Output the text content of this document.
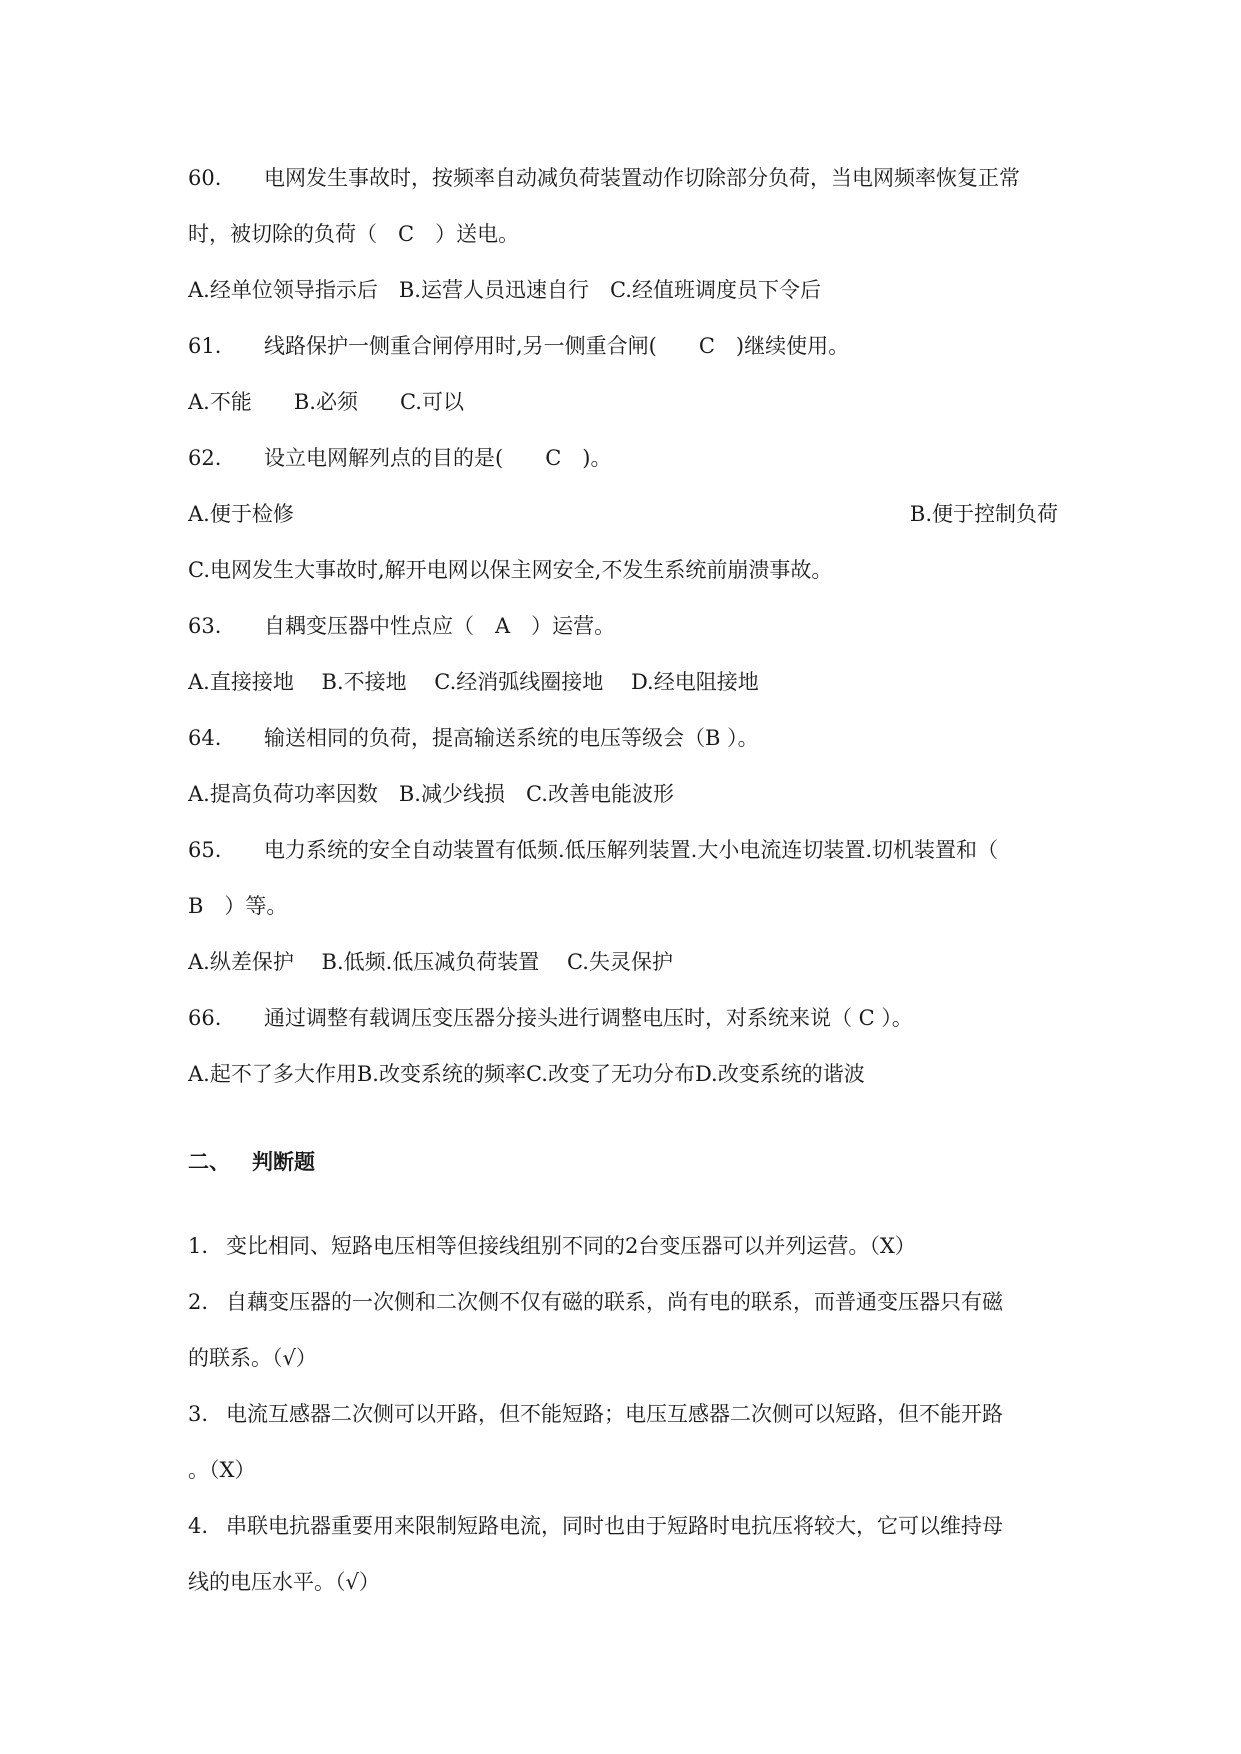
60. 电网发生事故时，按频率自动减负荷装置动作切除部分负荷，当电网频率恢复正常
时，被切除的负荷（　C　）送电。
A.经单位领导指示后　B.运营人员迅速自行　C.经值班调度员下令后
61. 线路保护一侧重合闸停用时,另一侧重合闸(　　C　)继续使用。
A.不能　　B.必须　　C.可以
62. 设立电网解列点的目的是(　　C　)。
A.便于检修	B.便于控制负荷
C.电网发生大事故时,解开电网以保主网安全,不发生系统前崩溃事故。
63. 自耦变压器中性点应（　A　）运营。
A.直接接地　 B.不接地　 C.经消弧线圈接地　 D.经电阻接地
64. 输送相同的负荷，提高输送系统的电压等级会（B ）。
A.提高负荷功率因数　B.减少线损　C.改善电能波形
65. 电力系统的安全自动装置有低频.低压解列装置.大小电流连切装置.切机装置和（
B　）等。
A.纵差保护　 B.低频.低压减负荷装置　 C.失灵保护
66. 通过调整有载调压变压器分接头进行调整电压时，对系统来说（ C ）。
A.起不了多大作用B.改变系统的频率C.改变了无功分布D.改变系统的谐波
二、 判断题
1. 变比相同、短路电压相等但接线组别不同的2台变压器可以并列运营。（X）
2. 自藕变压器的一次侧和二次侧不仅有磁的联系，尚有电的联系，而普通变压器只有磁
的联系。（√）
3. 电流互感器二次侧可以开路，但不能短路；电压互感器二次侧可以短路，但不能开路
。（X）
4. 串联电抗器重要用来限制短路电流，同时也由于短路时电抗压将较大，它可以维持母
线的电压水平。（√）
